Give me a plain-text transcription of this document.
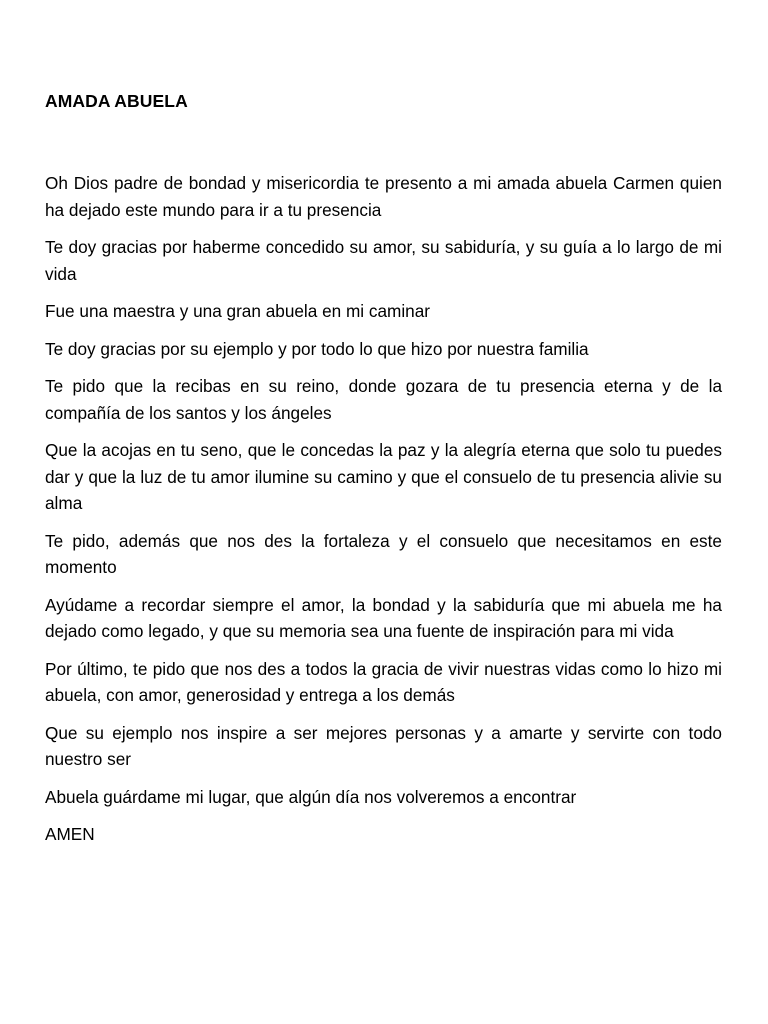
AMADA ABUELA

Oh Dios padre de bondad y misericordia te presento a mi amada abuela Carmen quien ha dejado este mundo para ir a tu presencia

Te doy gracias por haberme concedido su amor, su sabiduría, y su guía a lo largo de mi vida

Fue una maestra y una gran abuela en mi caminar

Te doy gracias por su ejemplo y por todo lo que hizo por nuestra familia

Te pido que la recibas en su reino, donde gozara de tu presencia eterna y de la compañía de los santos y los ángeles

Que la acojas en tu seno, que le concedas la paz y la alegría eterna que solo tu puedes dar y que la luz de tu amor ilumine su camino y que el consuelo de tu presencia alivie su alma

Te pido, además que nos des la fortaleza y el consuelo que necesitamos en este momento

Ayúdame a recordar siempre el amor, la bondad y la sabiduría que mi abuela me ha dejado como legado, y que su memoria sea una fuente de inspiración para mi vida

Por último, te pido que nos des a todos la gracia de vivir nuestras vidas como lo hizo mi abuela, con amor, generosidad y entrega a los demás

Que su ejemplo nos inspire a ser mejores personas y a amarte y servirte con todo nuestro ser

Abuela guárdame mi lugar, que algún día nos volveremos a encontrar

AMEN
